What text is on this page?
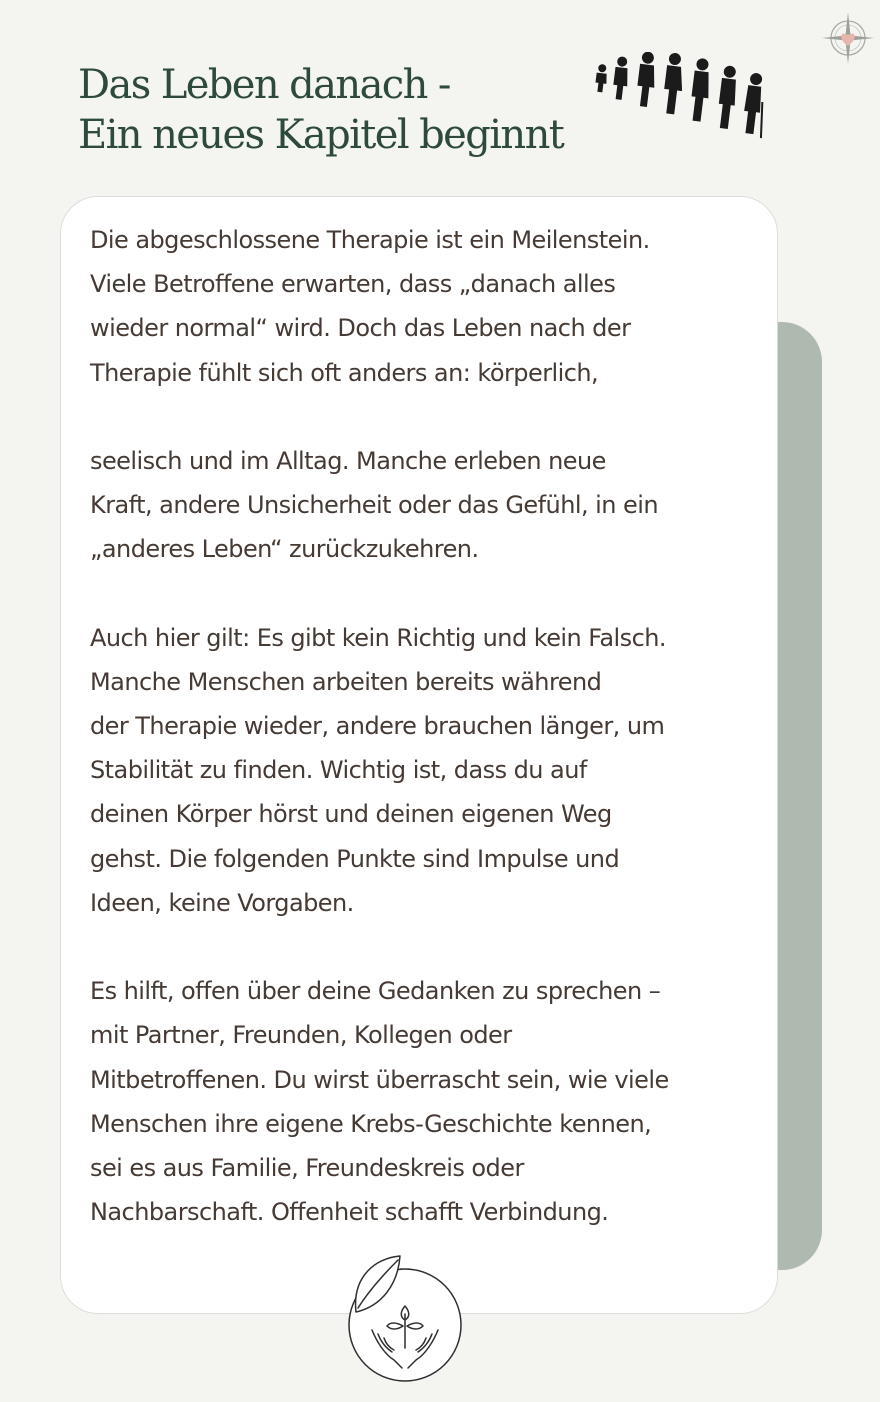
Das Leben danach -
Ein neues Kapitel beginnt
Die abgeschlossene Therapie ist ein Meilenstein.
Viele Betroffene erwarten, dass „danach alles
wieder normal“ wird. Doch das Leben nach der
Therapie fühlt sich oft anders an: körperlich,
seelisch und im Alltag. Manche erleben neue
Kraft, andere Unsicherheit oder das Gefühl, in ein
„anderes Leben“ zurückzukehren.
Auch hier gilt: Es gibt kein Richtig und kein Falsch.
Manche Menschen arbeiten bereits während
der Therapie wieder, andere brauchen länger, um
Stabilität zu finden. Wichtig ist, dass du auf
deinen Körper hörst und deinen eigenen Weg
gehst. Die folgenden Punkte sind Impulse und
Ideen, keine Vorgaben.
Es hilft, offen über deine Gedanken zu sprechen –
mit Partner, Freunden, Kollegen oder
Mitbetroffenen. Du wirst überrascht sein, wie viele
Menschen ihre eigene Krebs-Geschichte kennen,
sei es aus Familie, Freundeskreis oder
Nachbarschaft. Offenheit schafft Verbindung.
